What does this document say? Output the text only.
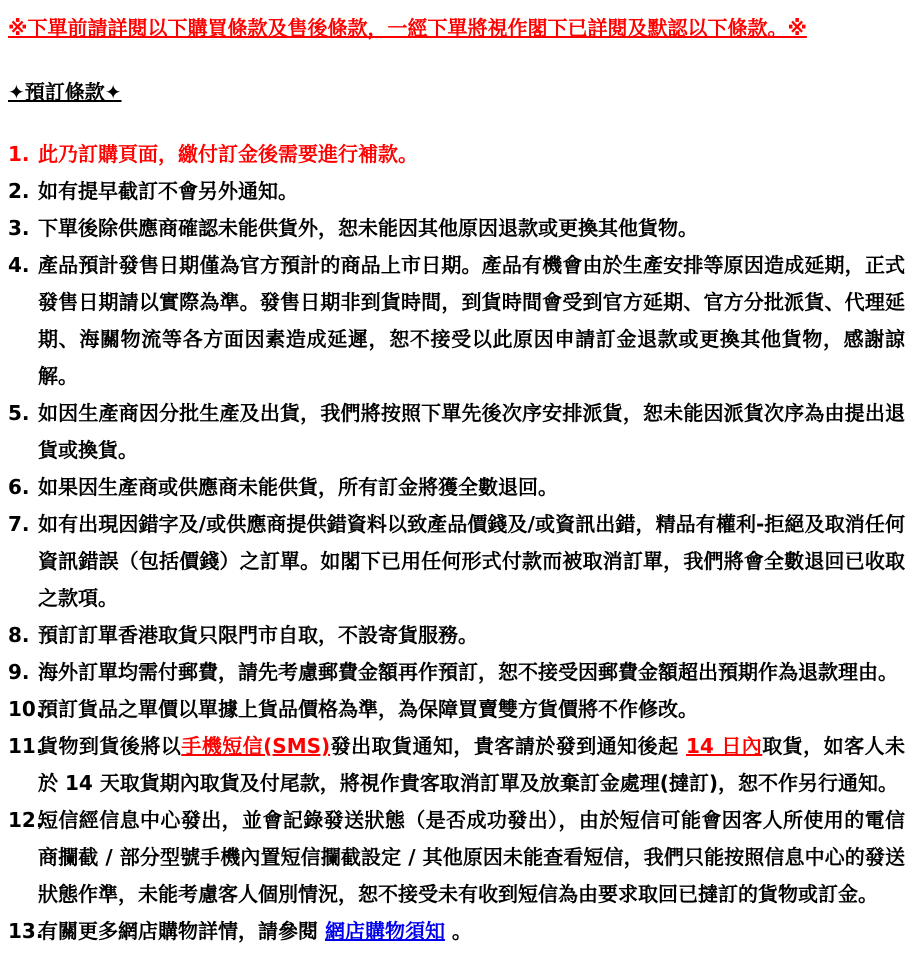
※下單前請詳閱以下購買條款及售後條款，一經下單將視作閣下已詳閱及默認以下條款。※
✦預訂條款✦
1. 此乃訂購頁面，繳付訂金後需要進行補款。
2. 如有提早截訂不會另外通知。
3. 下單後除供應商確認未能供貨外，恕未能因其他原因退款或更換其他貨物。
4. 產品預計發售日期僅為官方預計的商品上市日期。產品有機會由於生產安排等原因造成延期，正式發售日期請以實際為準。發售日期非到貨時間，到貨時間會受到官方延期、官方分批派貨、代理延期、海關物流等各方面因素造成延遲，恕不接受以此原因申請訂金退款或更換其他貨物，感謝諒解。
5. 如因生產商因分批生產及出貨，我們將按照下單先後次序安排派貨，恕未能因派貨次序為由提出退貨或換貨。
6. 如果因生產商或供應商未能供貨，所有訂金將獲全數退回。
7. 如有出現因錯字及/或供應商提供錯資料以致產品價錢及/或資訊出錯，精品有權利-拒絕及取消任何資訊錯誤（包括價錢）之訂單。如閣下已用任何形式付款而被取消訂單，我們將會全數退回已收取之款項。
8. 預訂訂單香港取貨只限門市自取，不設寄貨服務。
9. 海外訂單均需付郵費，請先考慮郵費金額再作預訂，恕不接受因郵費金額超出預期作為退款理由。
10.
預訂貨品之單價以單據上貨品價格為準，為保障買賣雙方貨價將不作修改。
11.
貨物到貨後將以手機短信(SMS)發出取貨通知，貴客請於發到通知後起 14 日內取貨，如客人未於 14 天取貨期內取貨及付尾款，將視作貴客取消訂單及放棄訂金處理(撻訂)，恕不作另行通知。
12.
短信經信息中心發出，並會記錄發送狀態（是否成功發出），由於短信可能會因客人所使用的電信商攔截 / 部分型號手機內置短信攔截設定 / 其他原因未能查看短信，我們只能按照信息中心的發送狀態作準，未能考慮客人個別情況，恕不接受未有收到短信為由要求取回已撻訂的貨物或訂金。
13.
有關更多網店購物詳情，請參閱 網店購物須知 。
